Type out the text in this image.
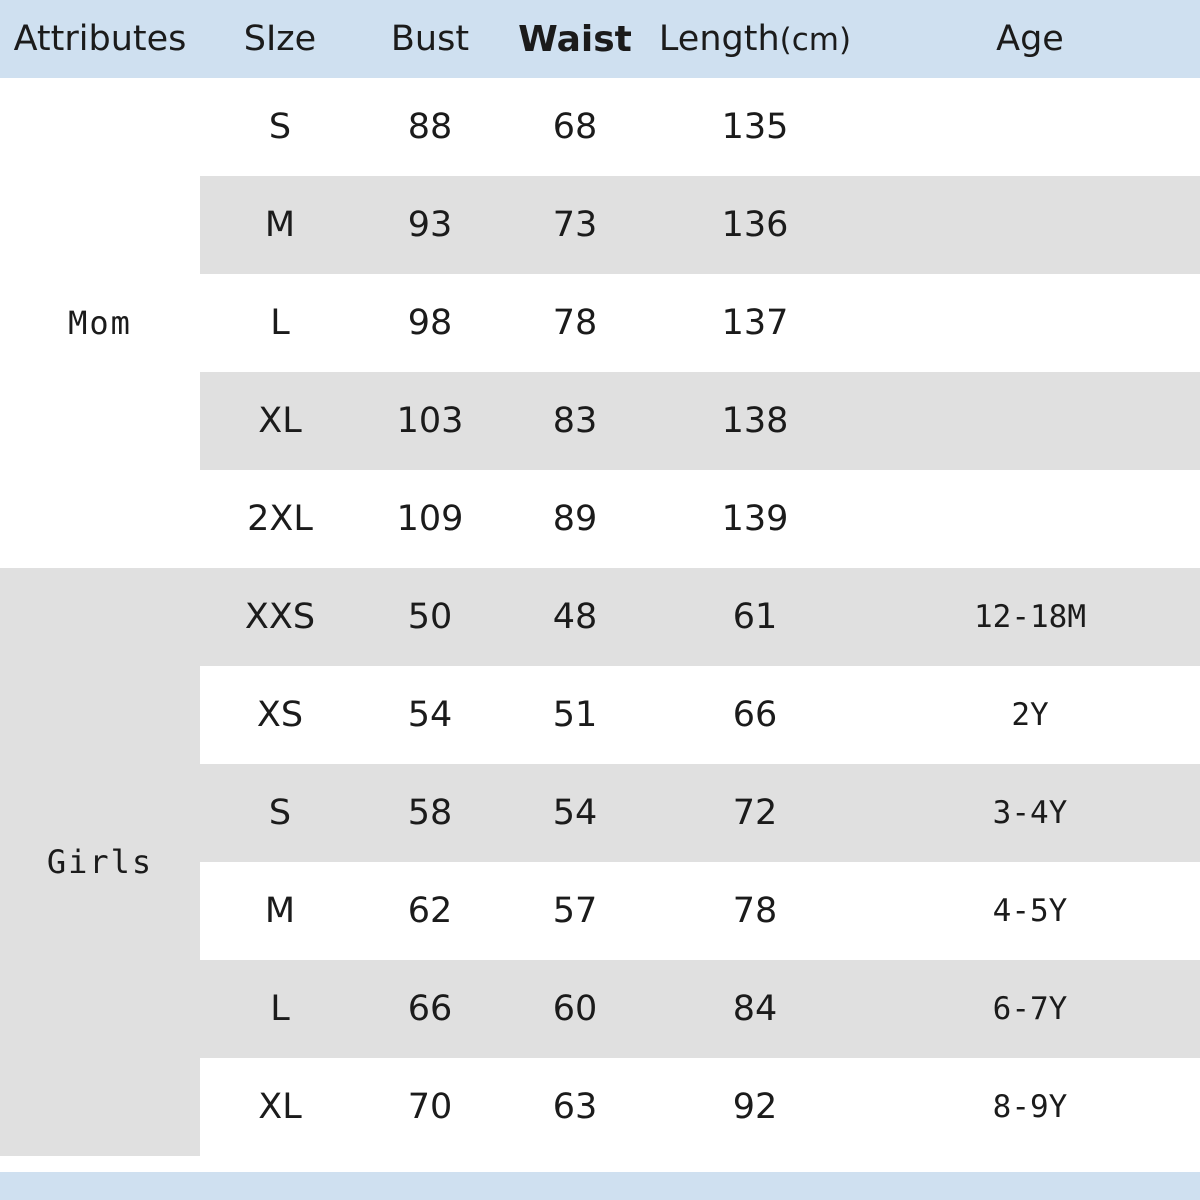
Attributes	SIze	Bust	Waist	Length(cm)	Age
Mom	S	88	68	135	
	M	93	73	136	
	L	98	78	137	
	XL	103	83	138	
	2XL	109	89	139	
Girls	XXS	50	48	61	12-18M
	XS	54	51	66	2Y
	S	58	54	72	3-4Y
	M	62	57	78	4-5Y
	L	66	60	84	6-7Y
	XL	70	63	92	8-9Y
